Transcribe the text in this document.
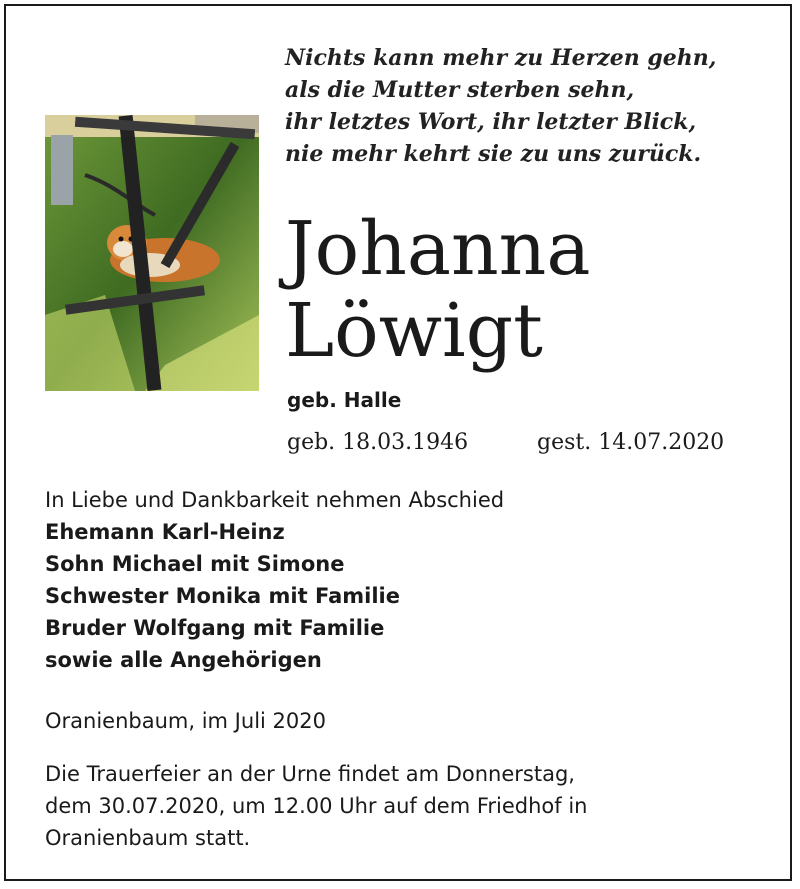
Nichts kann mehr zu Herzen gehn,
als die Mutter sterben sehn,
ihr letztes Wort, ihr letzter Blick,
nie mehr kehrt sie zu uns zurück.
Johanna
Löwigt
geb. Halle
geb. 18.03.1946	gest. 14.07.2020
In Liebe und Dankbarkeit nehmen Abschied
Ehemann Karl-Heinz
Sohn Michael mit Simone
Schwester Monika mit Familie
Bruder Wolfgang mit Familie
sowie alle Angehörigen
Oranienbaum, im Juli 2020
Die Trauerfeier an der Urne findet am Donnerstag,
dem 30.07.2020, um 12.00 Uhr auf dem Friedhof in
Oranienbaum statt.
